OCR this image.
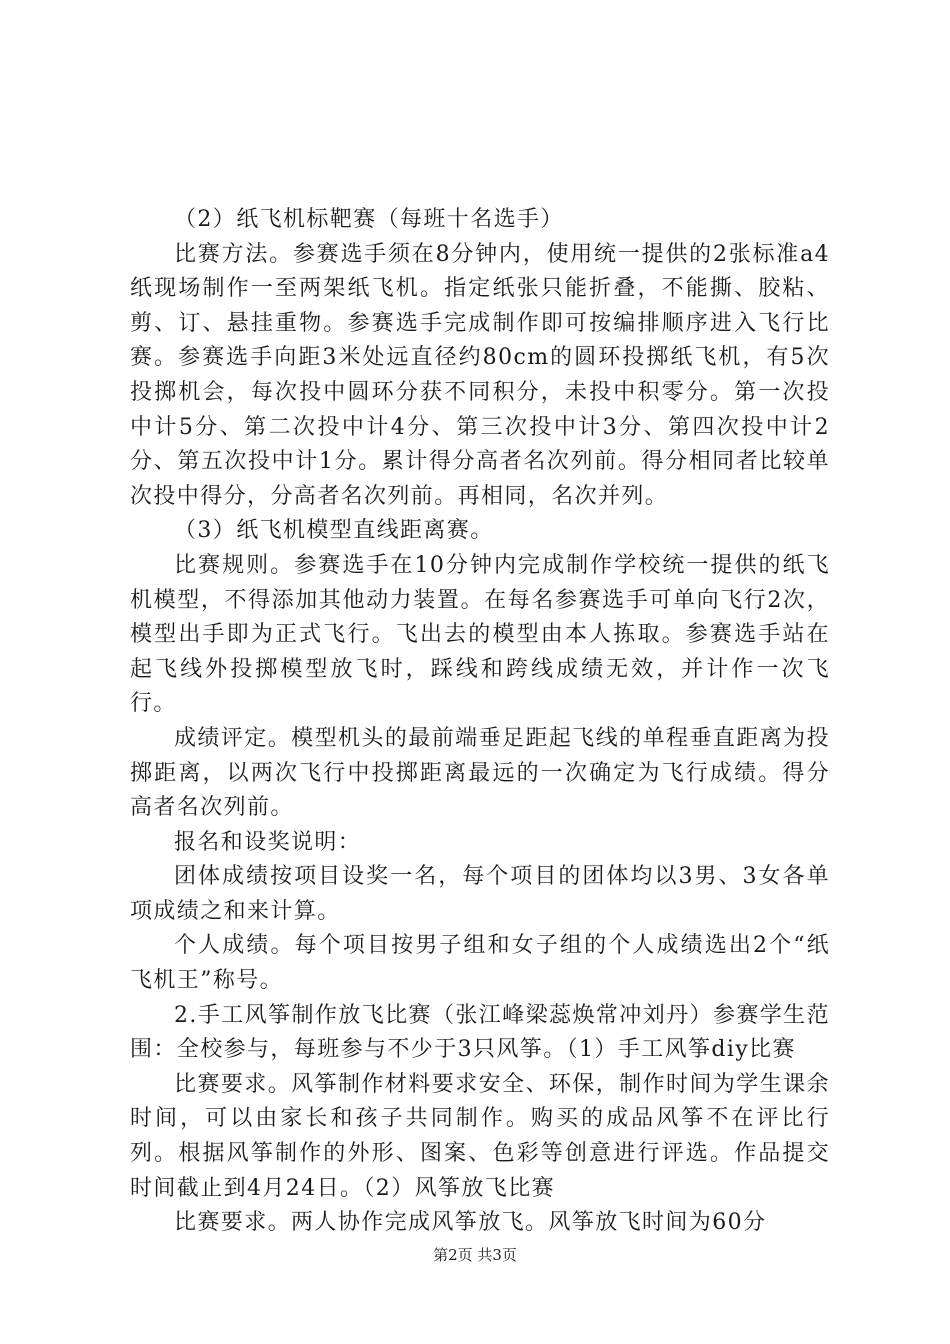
（2）纸飞机标靶赛（每班十名选手）

比赛方法。参赛选手须在8分钟内，使用统一提供的2张标准a4纸现场制作一至两架纸飞机。指定纸张只能折叠，不能撕、胶粘、剪、订、悬挂重物。参赛选手完成制作即可按编排顺序进入飞行比赛。参赛选手向距3米处远直径约80cm的圆环投掷纸飞机，有5次投掷机会，每次投中圆环分获不同积分，未投中积零分。第一次投中计5分、第二次投中计4分、第三次投中计3分、第四次投中计2分、第五次投中计1分。累计得分高者名次列前。得分相同者比较单次投中得分，分高者名次列前。再相同，名次并列。

（3）纸飞机模型直线距离赛。

比赛规则。参赛选手在10分钟内完成制作学校统一提供的纸飞机模型，不得添加其他动力装置。在每名参赛选手可单向飞行2次，模型出手即为正式飞行。飞出去的模型由本人拣取。参赛选手站在起飞线外投掷模型放飞时，踩线和跨线成绩无效，并计作一次飞行。

成绩评定。模型机头的最前端垂足距起飞线的单程垂直距离为投掷距离，以两次飞行中投掷距离最远的一次确定为飞行成绩。得分高者名次列前。

报名和设奖说明：

团体成绩按项目设奖一名，每个项目的团体均以3男、3女各单项成绩之和来计算。

个人成绩。每个项目按男子组和女子组的个人成绩选出2个“纸飞机王”称号。

2.手工风筝制作放飞比赛（张江峰梁蕊焕常冲刘丹）参赛学生范围：全校参与，每班参与不少于3只风筝。（1）手工风筝diy比赛

比赛要求。风筝制作材料要求安全、环保，制作时间为学生课余时间，可以由家长和孩子共同制作。购买的成品风筝不在评比行列。根据风筝制作的外形、图案、色彩等创意进行评选。作品提交时间截止到4月24日。（2）风筝放飞比赛

比赛要求。两人协作完成风筝放飞。风筝放飞时间为60分

第2页 共3页
